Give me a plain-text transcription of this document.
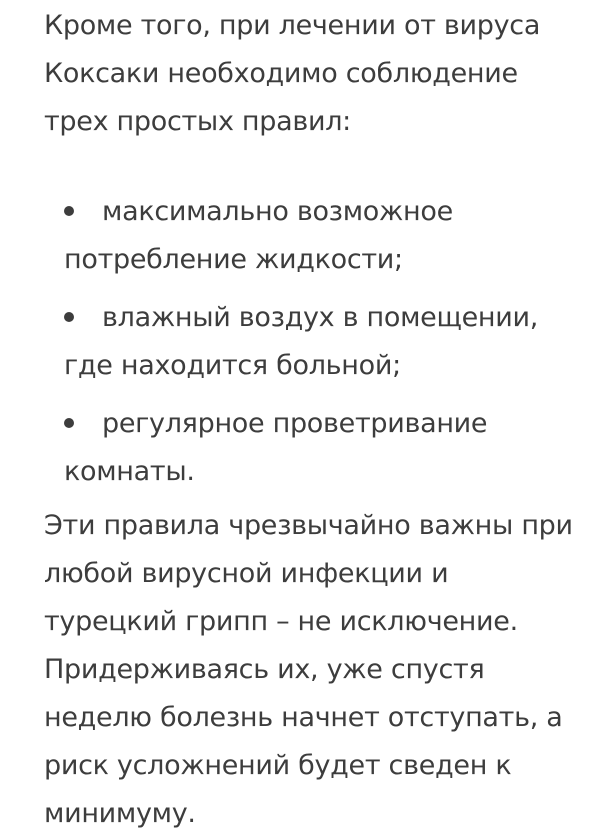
Кроме того, при лечении от вируса Коксаки необходимо соблюдение трех простых правил:

максимально возможное потребление жидкости;
влажный воздух в помещении, где находится больной;
регулярное проветривание комнаты.

Эти правила чрезвычайно важны при любой вирусной инфекции и турецкий грипп – не исключение. Придерживаясь их, уже спустя неделю болезнь начнет отступать, а риск усложнений будет сведен к минимуму.
